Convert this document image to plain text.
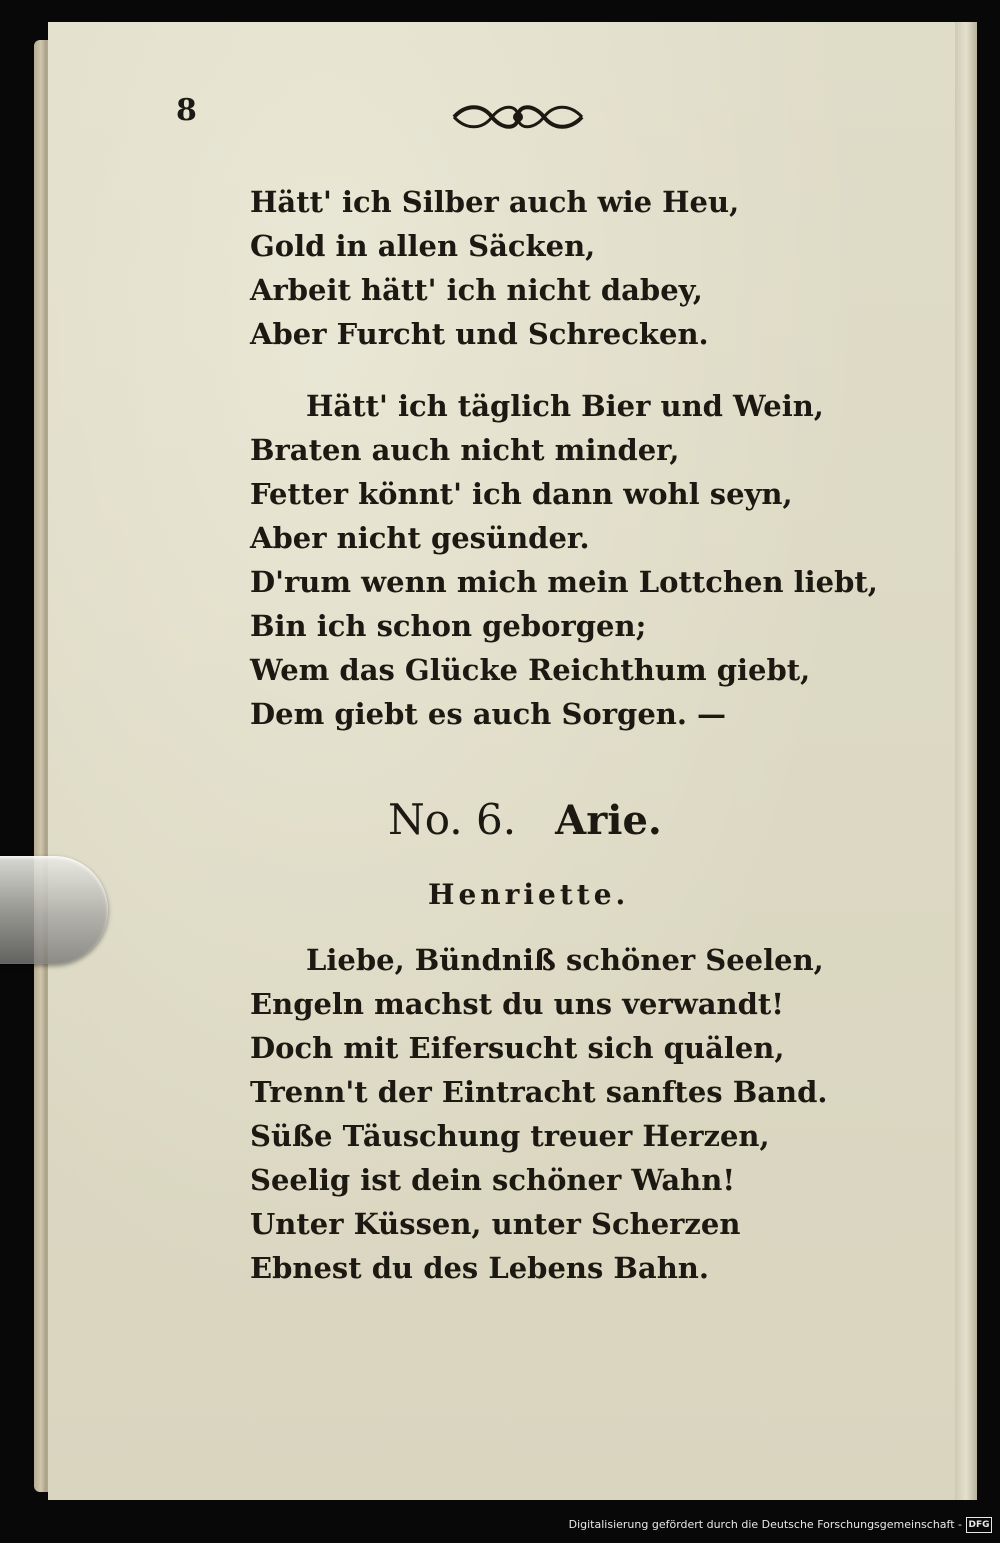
8
Hätt' ich Silber auch wie Heu,
Gold in allen Säcken,
Arbeit hätt' ich nicht dabey,
Aber Furcht und Schrecken.
Hätt' ich täglich Bier und Wein,
Braten auch nicht minder,
Fetter könnt' ich dann wohl seyn,
Aber nicht gesünder.
D'rum wenn mich mein Lottchen liebt,
Bin ich schon geborgen;
Wem das Glücke Reichthum giebt,
Dem giebt es auch Sorgen. —
No. 6. Arie.
Henriette.
Liebe, Bündniß schöner Seelen,
Engeln machst du uns verwandt!
Doch mit Eifersucht sich quälen,
Trenn't der Eintracht sanftes Band.
Süße Täuschung treuer Herzen,
Seelig ist dein schöner Wahn!
Unter Küssen, unter Scherzen
Ebnest du des Lebens Bahn.
Digitalisierung gefördert durch die Deutsche Forschungsgemeinschaft - DFG
